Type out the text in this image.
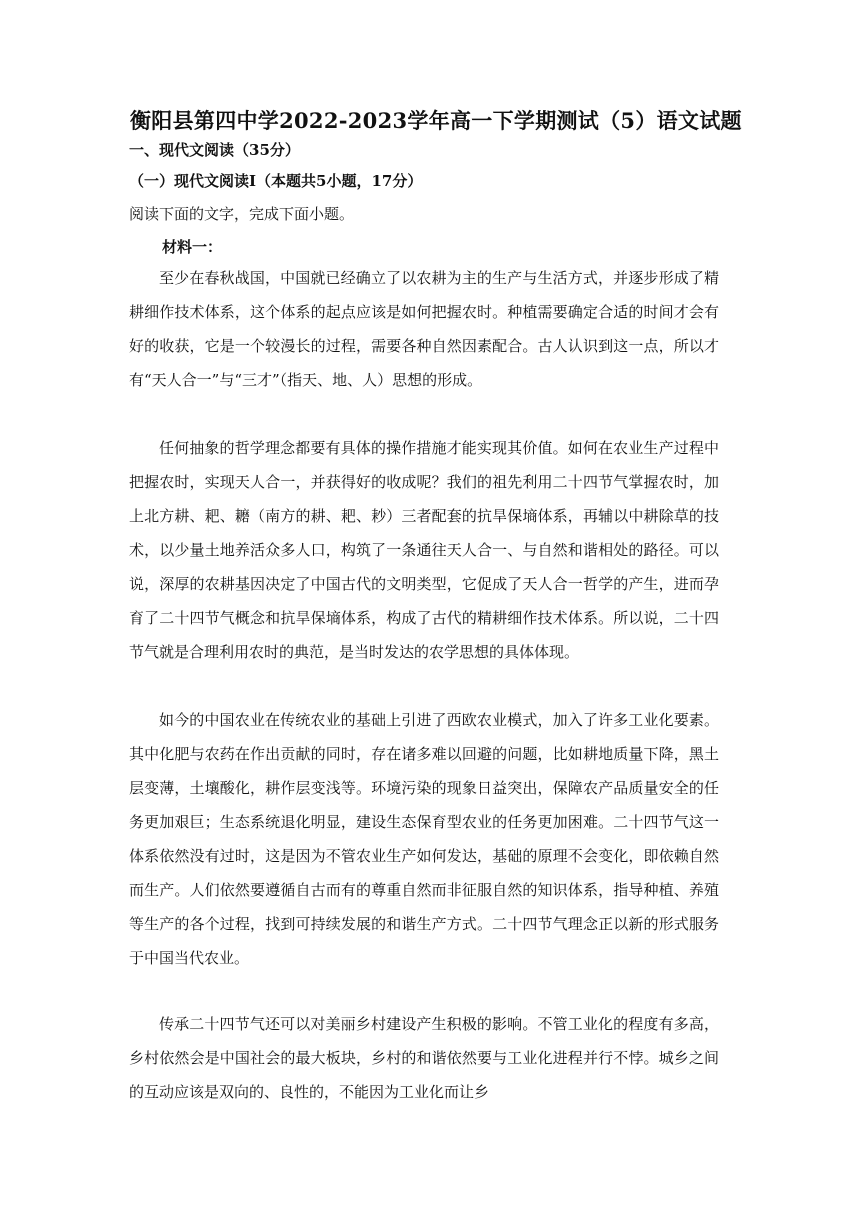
衡阳县第四中学2022-2023学年高一下学期测试（5）语文试题
一、现代文阅读（35分）
（一）现代文阅读I（本题共5小题，17分）
阅读下面的文字，完成下面小题。
材料一：

至少在春秋战国，中国就已经确立了以农耕为主的生产与生活方式，并逐步形成了精耕细作技术体系，这个体系的起点应该是如何把握农时。种植需要确定合适的时间才会有好的收获，它是一个较漫长的过程，需要各种自然因素配合。古人认识到这一点，所以才有“天人合一”与“三才”（指天、地、人）思想的形成。

任何抽象的哲学理念都要有具体的操作措施才能实现其价值。如何在农业生产过程中把握农时，实现天人合一，并获得好的收成呢？我们的祖先利用二十四节气掌握农时，加上北方耕、耙、耱（南方的耕、耙、耖）三者配套的抗旱保墒体系，再辅以中耕除草的技术，以少量土地养活众多人口，构筑了一条通往天人合一、与自然和谐相处的路径。可以说，深厚的农耕基因决定了中国古代的文明类型，它促成了天人合一哲学的产生，进而孕育了二十四节气概念和抗旱保墒体系，构成了古代的精耕细作技术体系。所以说，二十四节气就是合理利用农时的典范，是当时发达的农学思想的具体体现。

如今的中国农业在传统农业的基础上引进了西欧农业模式，加入了许多工业化要素。其中化肥与农药在作出贡献的同时，存在诸多难以回避的问题，比如耕地质量下降，黑土层变薄，土壤酸化，耕作层变浅等。环境污染的现象日益突出，保障农产品质量安全的任务更加艰巨；生态系统退化明显，建设生态保育型农业的任务更加困难。二十四节气这一体系依然没有过时，这是因为不管农业生产如何发达，基础的原理不会变化，即依赖自然而生产。人们依然要遵循自古而有的尊重自然而非征服自然的知识体系，指导种植、养殖等生产的各个过程，找到可持续发展的和谐生产方式。二十四节气理念正以新的形式服务于中国当代农业。

传承二十四节气还可以对美丽乡村建设产生积极的影响。不管工业化的程度有多高，乡村依然会是中国社会的最大板块，乡村的和谐依然要与工业化进程并行不悖。城乡之间的互动应该是双向的、良性的，不能因为工业化而让乡
